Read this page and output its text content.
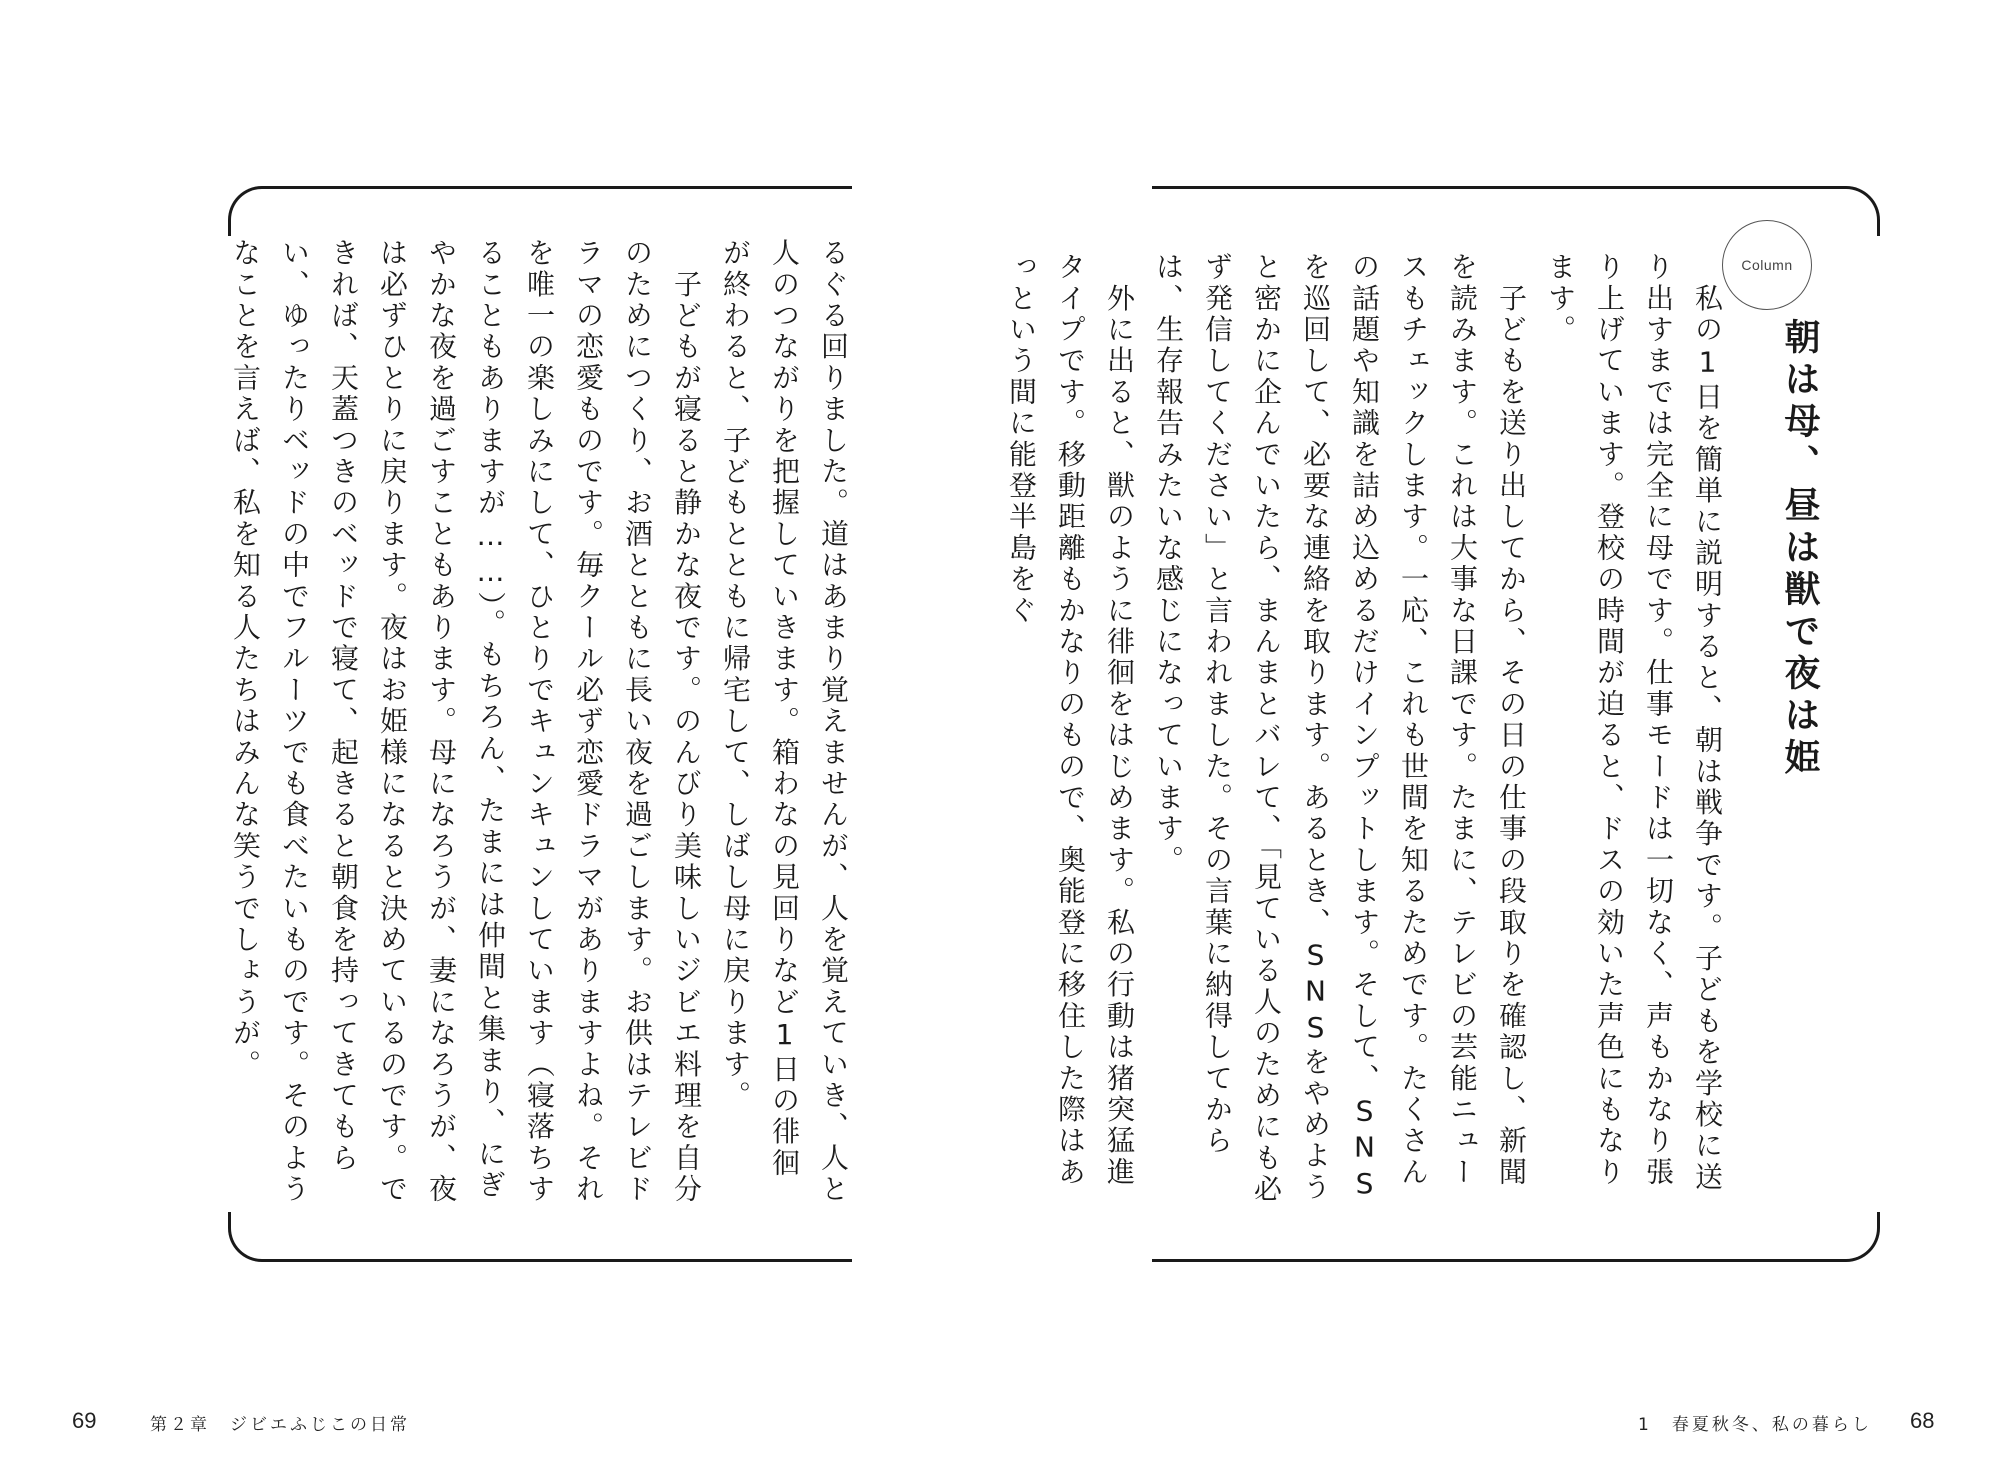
Column
朝は母、昼は獣で夜は姫
　私の1日を簡単に説明すると、朝は戦争です。子どもを学校に送り出すまでは完全に母です。仕事モードは一切なく、声もかなり張り上げています。登校の時間が迫ると、ドスの効いた声色にもなります。
　子どもを送り出してから、その日の仕事の段取りを確認し、新聞を読みます。これは大事な日課です。たまに、テレビの芸能ニュースもチェックします。一応、これも世間を知るためです。たくさんの話題や知識を詰め込めるだけインプットします。そして、SNSを巡回して、必要な連絡を取ります。あるとき、SNSをやめようと密かに企んでいたら、まんまとバレて、「見ている人のためにも必ず発信してください」と言われました。その言葉に納得してからは、生存報告みたいな感じになっています。
　外に出ると、獣のように徘徊をはじめます。私の行動は猪突猛進タイプです。移動距離もかなりのもので、奥能登に移住した際はあっという間に能登半島をぐ
るぐる回りました。道はあまり覚えませんが、人を覚えていき、人と人のつながりを把握していきます。箱わなの見回りなど1日の徘徊が終わると、子どもとともに帰宅して、しばし母に戻ります。
　子どもが寝ると静かな夜です。のんびり美味しいジビエ料理を自分のためにつくり、お酒とともに長い夜を過ごします。お供はテレビドラマの恋愛ものです。毎クール必ず恋愛ドラマがありますよね。それを唯一の楽しみにして、ひとりでキュンキュンしています（寝落ちすることもありますが……）。もちろん、たまには仲間と集まり、にぎやかな夜を過ごすこともあります。母になろうが、妻になろうが、夜は必ずひとりに戻ります。夜はお姫様になると決めているのです。できれば、天蓋つきのベッドで寝て、起きると朝食を持ってきてもらい、ゆったりベッドの中でフルーツでも食べたいものです。そのようなことを言えば、私を知る人たちはみんな笑うでしょうが。
69	第２章　ジビエふじこの日常	1　春夏秋冬、私の暮らし 68
